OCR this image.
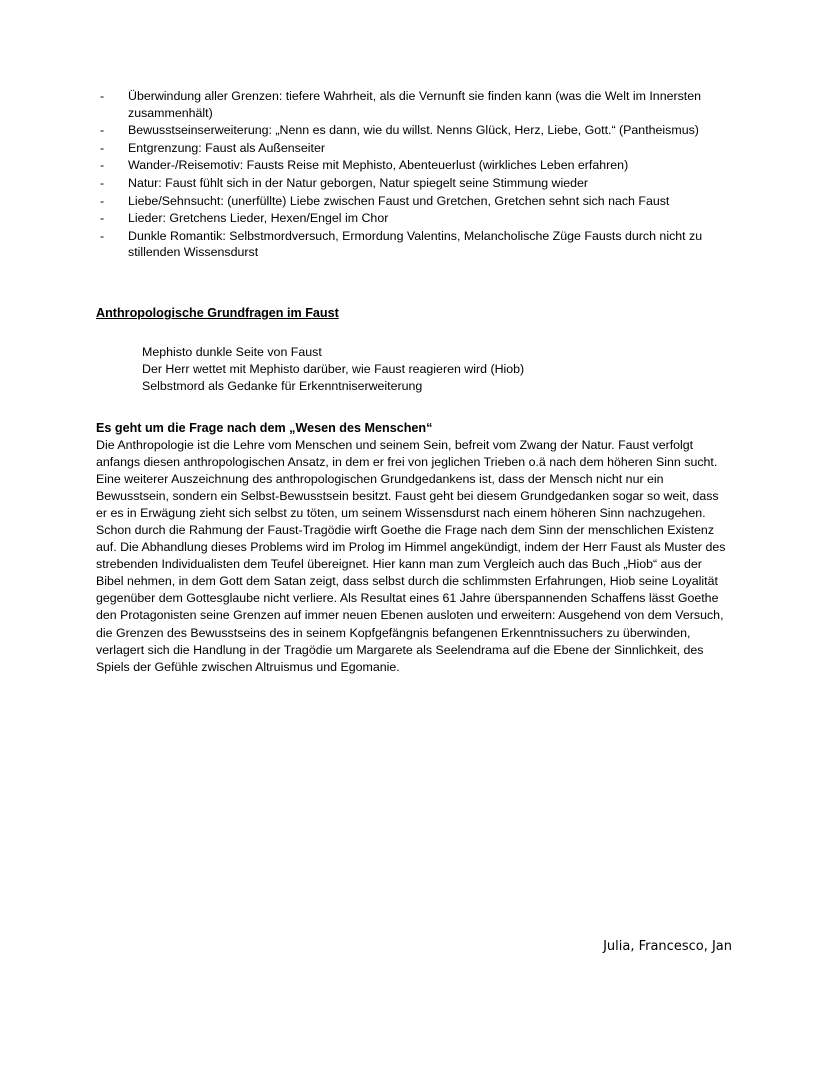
-	Überwindung aller Grenzen: tiefere Wahrheit, als die Vernunft sie finden kann (was die Welt im Innersten zusammenhält)
-	Bewusstseinserweiterung: „Nenn es dann, wie du willst. Nenns Glück, Herz, Liebe, Gott.“ (Pantheismus)
-	Entgrenzung: Faust als Außenseiter
-	Wander-/Reisemotiv: Fausts Reise mit Mephisto, Abenteuerlust (wirkliches Leben erfahren)
-	Natur: Faust fühlt sich in der Natur geborgen, Natur spiegelt seine Stimmung wieder
-	Liebe/Sehnsucht: (unerfüllte) Liebe zwischen Faust und Gretchen, Gretchen sehnt sich nach Faust
-	Lieder: Gretchens Lieder, Hexen/Engel im Chor
-	Dunkle Romantik: Selbstmordversuch, Ermordung Valentins, Melancholische Züge Fausts durch nicht zu stillenden Wissensdurst
Anthropologische Grundfragen im Faust
Mephisto dunkle Seite von Faust
Der Herr wettet mit Mephisto darüber, wie Faust reagieren wird (Hiob)
Selbstmord als Gedanke für Erkenntniserweiterung
Es geht um die Frage nach dem „Wesen des Menschen“

Die Anthropologie ist die Lehre vom Menschen und seinem Sein, befreit vom Zwang der Natur. Faust verfolgt anfangs diesen anthropologischen Ansatz, in dem er frei von jeglichen Trieben o.ä nach dem höheren Sinn sucht. Eine weiterer Auszeichnung des anthropologischen Grundgedankens ist, dass der Mensch nicht nur ein Bewusstsein, sondern ein Selbst-Bewusstsein besitzt. Faust geht bei diesem Grundgedanken sogar so weit, dass er es in Erwägung zieht sich selbst zu töten, um seinem Wissensdurst nach einem höheren Sinn nachzugehen.

Schon durch die Rahmung der Faust-Tragödie wirft Goethe die Frage nach dem Sinn der menschlichen Existenz auf. Die Abhandlung dieses Problems wird im Prolog im Himmel angekündigt, indem der Herr Faust als Muster des strebenden Individualisten dem Teufel übereignet. Hier kann man zum Vergleich auch das Buch „Hiob“ aus der Bibel nehmen, in dem Gott dem Satan zeigt, dass selbst durch die schlimmsten Erfahrungen, Hiob seine Loyalität gegenüber dem Gottesglaube nicht verliere. Als Resultat eines 61 Jahre überspannenden Schaffens lässt Goethe den Protagonisten seine Grenzen auf immer neuen Ebenen ausloten und erweitern: Ausgehend von dem Versuch, die Grenzen des Bewusstseins des in seinem Kopfgefängnis befangenen Erkenntnissuchers zu überwinden, verlagert sich die Handlung in der Tragödie um Margarete als Seelendrama auf die Ebene der Sinnlichkeit, des Spiels der Gefühle zwischen Altruismus und Egomanie.

Julia, Francesco, Jan
